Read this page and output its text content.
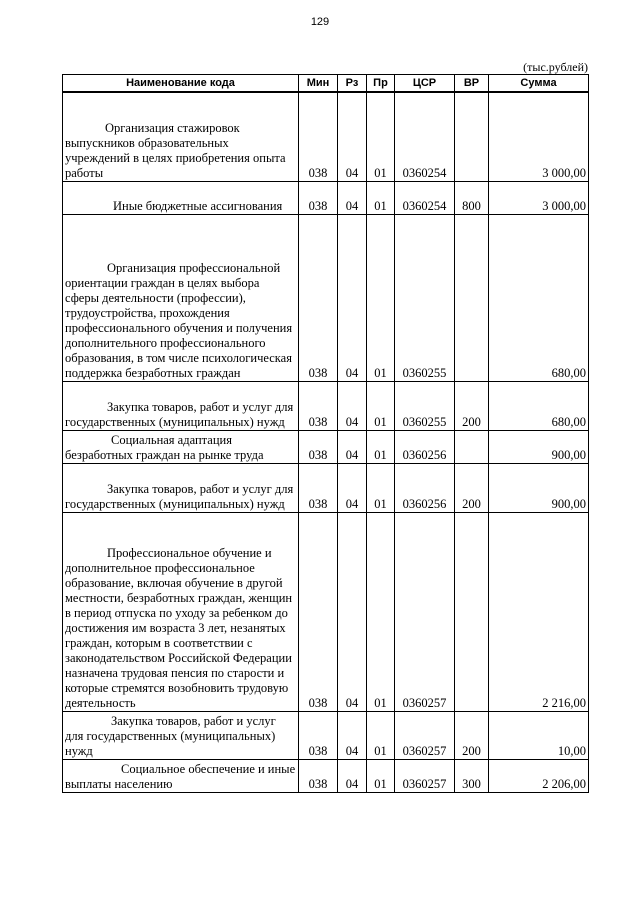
129
(тыс.рублей)
Наименование кода	Мин	Рз	Пр	ЦСР	ВР	Сумма
Организация стажировок выпускников образовательных учреждений в целях приобретения опыта работы	038	04	01	0360254		3 000,00
Иные бюджетные ассигнования	038	04	01	0360254	800	3 000,00
Организация профессиональной ориентации граждан в целях выбора сферы деятельности (профессии), трудоустройства, прохождения профессионального обучения и получения дополнительного профессионального образования, в том числе психологическая поддержка безработных граждан	038	04	01	0360255		680,00
Закупка товаров, работ и услуг для государственных (муниципальных) нужд	038	04	01	0360255	200	680,00
Социальная адаптация безработных граждан на рынке труда	038	04	01	0360256		900,00
Закупка товаров, работ и услуг для государственных (муниципальных) нужд	038	04	01	0360256	200	900,00
Профессиональное обучение и дополнительное профессиональное образование, включая обучение в другой местности, безработных граждан, женщин в период отпуска по уходу за ребенком до достижения им возраста 3 лет, незанятых граждан, которым в соответствии с законодательством Российской Федерации назначена трудовая пенсия по старости и которые стремятся возобновить трудовую деятельность	038	04	01	0360257		2 216,00
Закупка товаров, работ и услуг для государственных (муниципальных) нужд	038	04	01	0360257	200	10,00
Социальное обеспечение и иные выплаты населению	038	04	01	0360257	300	2 206,00
